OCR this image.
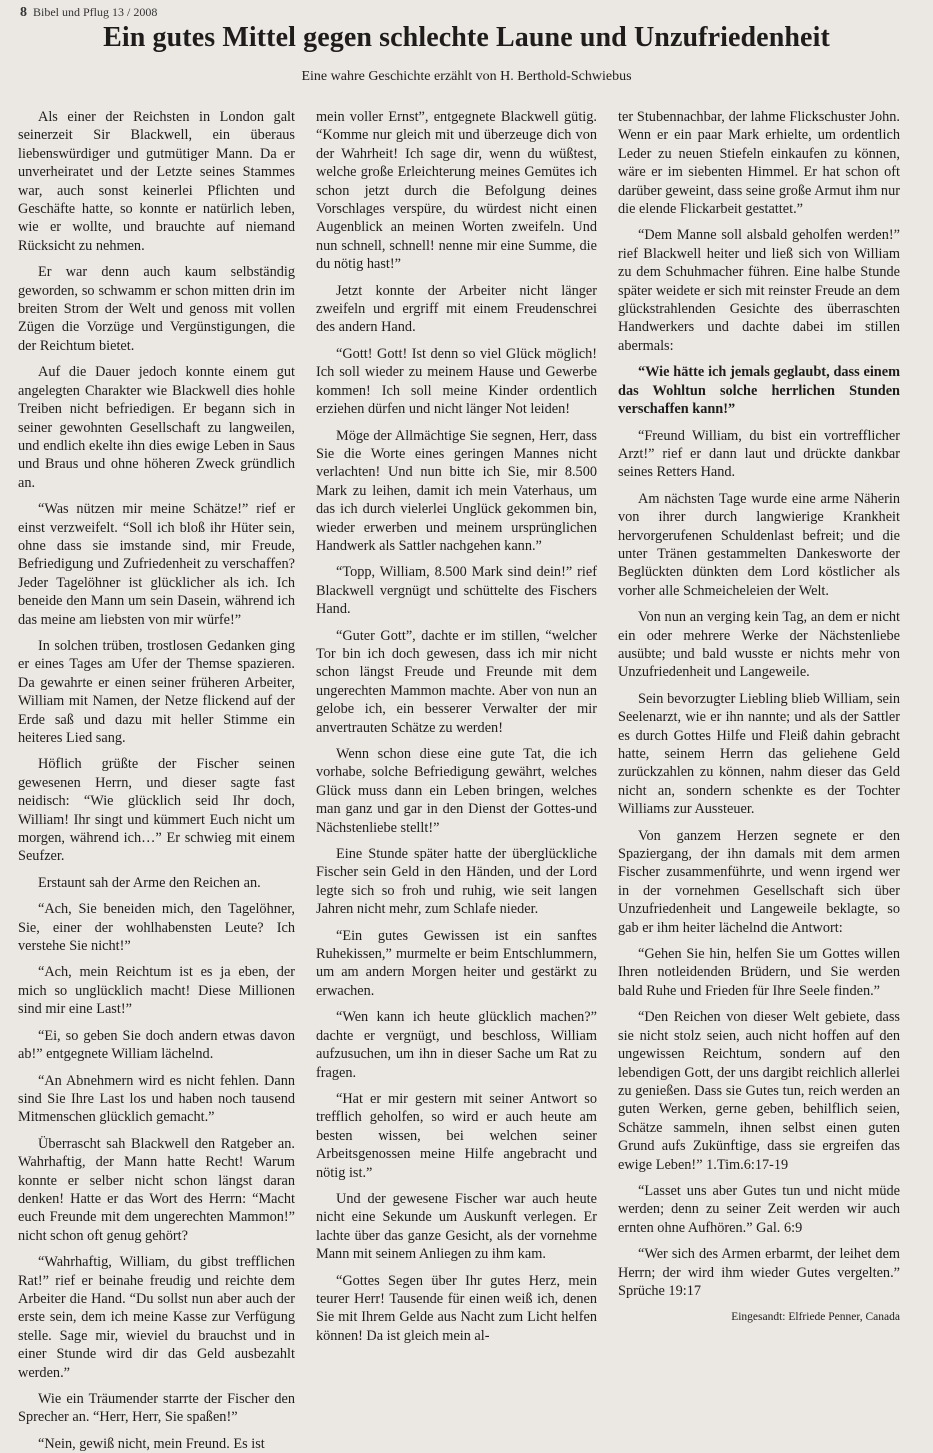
8 Bibel und Pflug 13 / 2008
Ein gutes Mittel gegen schlechte Laune und Unzufriedenheit
Eine wahre Geschichte erzählt von H. Berthold-Schwiebus

Als einer der Reichsten in London galt seinerzeit Sir Blackwell, ein überaus liebenswürdiger und gutmütiger Mann. Da er unverheiratet und der Letzte seines Stammes war, auch sonst keinerlei Pflichten und Geschäfte hatte, so konnte er natürlich leben, wie er wollte, und brauchte auf niemand Rücksicht zu nehmen.

Er war denn auch kaum selbständig geworden, so schwamm er schon mitten drin im breiten Strom der Welt und genoss mit vollen Zügen die Vorzüge und Vergünstigungen, die der Reichtum bietet.

Auf die Dauer jedoch konnte einem gut angelegten Charakter wie Blackwell dies hohle Treiben nicht befriedigen. Er begann sich in seiner gewohnten Gesellschaft zu langweilen, und endlich ekelte ihn dies ewige Leben in Saus und Braus und ohne höheren Zweck gründlich an.

“Was nützen mir meine Schätze!” rief er einst verzweifelt. “Soll ich bloß ihr Hüter sein, ohne dass sie imstande sind, mir Freude, Befriedigung und Zufriedenheit zu verschaffen? Jeder Tagelöhner ist glücklicher als ich. Ich beneide den Mann um sein Dasein, während ich das meine am liebsten von mir würfe!”

In solchen trüben, trostlosen Gedanken ging er eines Tages am Ufer der Themse spazieren. Da gewahrte er einen seiner früheren Arbeiter, William mit Namen, der Netze flickend auf der Erde saß und dazu mit heller Stimme ein heiteres Lied sang.

Höflich grüßte der Fischer seinen gewesenen Herrn, und dieser sagte fast neidisch: “Wie glücklich seid Ihr doch, William! Ihr singt und kümmert Euch nicht um morgen, während ich…” Er schwieg mit einem Seufzer.

Erstaunt sah der Arme den Reichen an.

“Ach, Sie beneiden mich, den Tagelöhner, Sie, einer der wohlhabensten Leute? Ich verstehe Sie nicht!”

“Ach, mein Reichtum ist es ja eben, der mich so unglücklich macht! Diese Millionen sind mir eine Last!”

“Ei, so geben Sie doch andern etwas davon ab!” entgegnete William lächelnd.

“An Abnehmern wird es nicht fehlen. Dann sind Sie Ihre Last los und haben noch tausend Mitmenschen glücklich gemacht.”

Überrascht sah Blackwell den Ratgeber an. Wahrhaftig, der Mann hatte Recht! Warum konnte er selber nicht schon längst daran denken! Hatte er das Wort des Herrn: “Macht euch Freunde mit dem ungerechten Mammon!” nicht schon oft genug gehört?

“Wahrhaftig, William, du gibst trefflichen Rat!” rief er beinahe freudig und reichte dem Arbeiter die Hand. “Du sollst nun aber auch der erste sein, dem ich meine Kasse zur Verfügung stelle. Sage mir, wieviel du brauchst und in einer Stunde wird dir das Geld ausbezahlt werden.”

Wie ein Träumender starrte der Fischer den Sprecher an. “Herr, Herr, Sie spaßen!”

“Nein, gewiß nicht, mein Freund. Es ist

mein voller Ernst”, entgegnete Blackwell gütig. “Komme nur gleich mit und überzeuge dich von der Wahrheit! Ich sage dir, wenn du wüßtest, welche große Erleichterung meines Gemütes ich schon jetzt durch die Befolgung deines Vorschlages verspüre, du würdest nicht einen Augenblick an meinen Worten zweifeln. Und nun schnell, schnell! nenne mir eine Summe, die du nötig hast!”

Jetzt konnte der Arbeiter nicht länger zweifeln und ergriff mit einem Freudenschrei des andern Hand.

“Gott! Gott! Ist denn so viel Glück möglich! Ich soll wieder zu meinem Hause und Gewerbe kommen! Ich soll meine Kinder ordentlich erziehen dürfen und nicht länger Not leiden!

Möge der Allmächtige Sie segnen, Herr, dass Sie die Worte eines geringen Mannes nicht verlachten! Und nun bitte ich Sie, mir 8.500 Mark zu leihen, damit ich mein Vaterhaus, um das ich durch vielerlei Unglück gekommen bin, wieder erwerben und meinem ursprünglichen Handwerk als Sattler nachgehen kann.”

“Topp, William, 8.500 Mark sind dein!” rief Blackwell vergnügt und schüttelte des Fischers Hand.

“Guter Gott”, dachte er im stillen, “welcher Tor bin ich doch gewesen, dass ich mir nicht schon längst Freude und Freunde mit dem ungerechten Mammon machte. Aber von nun an gelobe ich, ein besserer Verwalter der mir anvertrauten Schätze zu werden!

Wenn schon diese eine gute Tat, die ich vorhabe, solche Befriedigung gewährt, welches Glück muss dann ein Leben bringen, welches man ganz und gar in den Dienst der Gottes-und Nächstenliebe stellt!”

Eine Stunde später hatte der überglückliche Fischer sein Geld in den Händen, und der Lord legte sich so froh und ruhig, wie seit langen Jahren nicht mehr, zum Schlafe nieder.

“Ein gutes Gewissen ist ein sanftes Ruhekissen,” murmelte er beim Entschlummern, um am andern Morgen heiter und gestärkt zu erwachen.

“Wen kann ich heute glücklich machen?” dachte er vergnügt, und beschloss, William aufzusuchen, um ihn in dieser Sache um Rat zu fragen.

“Hat er mir gestern mit seiner Antwort so trefflich geholfen, so wird er auch heute am besten wissen, bei welchen seiner Arbeitsgenossen meine Hilfe angebracht und nötig ist.”

Und der gewesene Fischer war auch heute nicht eine Sekunde um Auskunft verlegen. Er lachte über das ganze Gesicht, als der vornehme Mann mit seinem Anliegen zu ihm kam.

“Gottes Segen über Ihr gutes Herz, mein teurer Herr! Tausende für einen weiß ich, denen Sie mit Ihrem Gelde aus Nacht zum Licht helfen können! Da ist gleich mein al-

ter Stubennachbar, der lahme Flickschuster John. Wenn er ein paar Mark erhielte, um ordentlich Leder zu neuen Stiefeln einkaufen zu können, wäre er im siebenten Himmel. Er hat schon oft darüber geweint, dass seine große Armut ihm nur die elende Flickarbeit gestattet.”

“Dem Manne soll alsbald geholfen werden!” rief Blackwell heiter und ließ sich von William zu dem Schuhmacher führen. Eine halbe Stunde später weidete er sich mit reinster Freude an dem glückstrahlenden Gesichte des überraschten Handwerkers und dachte dabei im stillen abermals:

“Wie hätte ich jemals geglaubt, dass einem das Wohltun solche herrlichen Stunden verschaffen kann!”

“Freund William, du bist ein vortrefflicher Arzt!” rief er dann laut und drückte dankbar seines Retters Hand.

Am nächsten Tage wurde eine arme Näherin von ihrer durch langwierige Krankheit hervorgerufenen Schuldenlast befreit; und die unter Tränen gestammelten Dankesworte der Beglückten dünkten dem Lord köstlicher als vorher alle Schmeicheleien der Welt.

Von nun an verging kein Tag, an dem er nicht ein oder mehrere Werke der Nächstenliebe ausübte; und bald wusste er nichts mehr von Unzufriedenheit und Langeweile.

Sein bevorzugter Liebling blieb William, sein Seelenarzt, wie er ihn nannte; und als der Sattler es durch Gottes Hilfe und Fleiß dahin gebracht hatte, seinem Herrn das geliehene Geld zurückzahlen zu können, nahm dieser das Geld nicht an, sondern schenkte es der Tochter Williams zur Aussteuer.

Von ganzem Herzen segnete er den Spaziergang, der ihn damals mit dem armen Fischer zusammenführte, und wenn irgend wer in der vornehmen Gesellschaft sich über Unzufriedenheit und Langeweile beklagte, so gab er ihm heiter lächelnd die Antwort:

“Gehen Sie hin, helfen Sie um Gottes willen Ihren notleidenden Brüdern, und Sie werden bald Ruhe und Frieden für Ihre Seele finden.”

“Den Reichen von dieser Welt gebiete, dass sie nicht stolz seien, auch nicht hoffen auf den ungewissen Reichtum, sondern auf den lebendigen Gott, der uns dargibt reichlich allerlei zu genießen. Dass sie Gutes tun, reich werden an guten Werken, gerne geben, behilflich seien, Schätze sammeln, ihnen selbst einen guten Grund aufs Zukünftige, dass sie ergreifen das ewige Leben!” 1.Tim.6:17-19

“Lasset uns aber Gutes tun und nicht müde werden; denn zu seiner Zeit werden wir auch ernten ohne Aufhören.” Gal. 6:9

“Wer sich des Armen erbarmt, der leihet dem Herrn; der wird ihm wieder Gutes vergelten.” Sprüche 19:17

Eingesandt: Elfriede Penner, Canada
